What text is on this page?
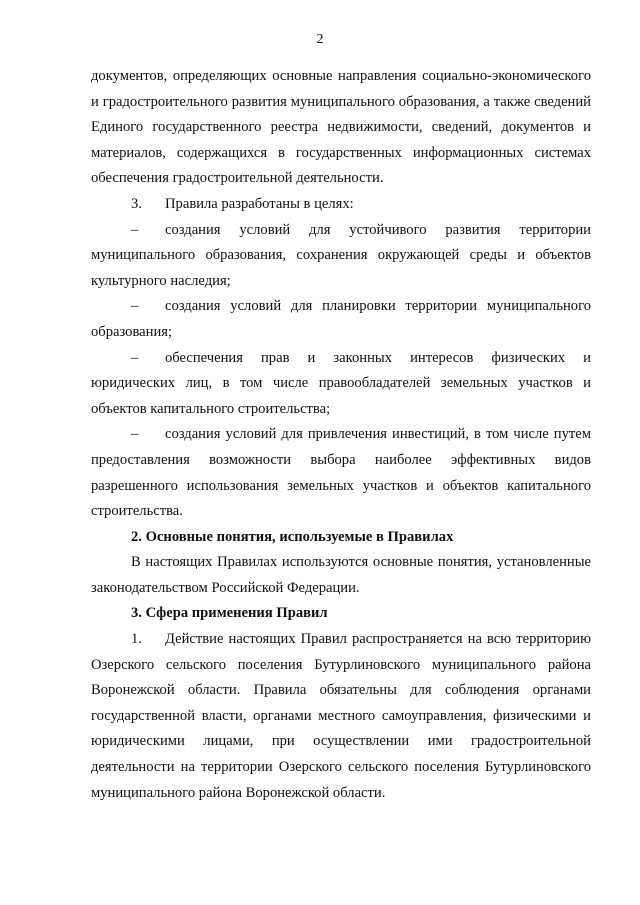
2

документов, определяющих основные направления социально-экономического и градостроительного развития муниципального образования, а также сведений Единого государственного реестра недвижимости, сведений, документов и материалов, содержащихся в государственных информационных системах обеспечения градостроительной деятельности.

3. Правила разработаны в целях:

– создания условий для устойчивого развития территории муниципального образования, сохранения окружающей среды и объектов культурного наследия;

– создания условий для планировки территории муниципального образования;

– обеспечения прав и законных интересов физических и юридических лиц, в том числе правообладателей земельных участков и объектов капитального строительства;

– создания условий для привлечения инвестиций, в том числе путем предоставления возможности выбора наиболее эффективных видов разрешенного использования земельных участков и объектов капитального строительства.

2. Основные понятия, используемые в Правилах

В настоящих Правилах используются основные понятия, установленные законодательством Российской Федерации.

3. Сфера применения Правил

1. Действие настоящих Правил распространяется на всю территорию Озерского сельского поселения Бутурлиновского муниципального района Воронежской области. Правила обязательны для соблюдения органами государственной власти, органами местного самоуправления, физическими и юридическими лицами, при осуществлении ими градостроительной деятельности на территории Озерского сельского поселения Бутурлиновского муниципального района Воронежской области.
